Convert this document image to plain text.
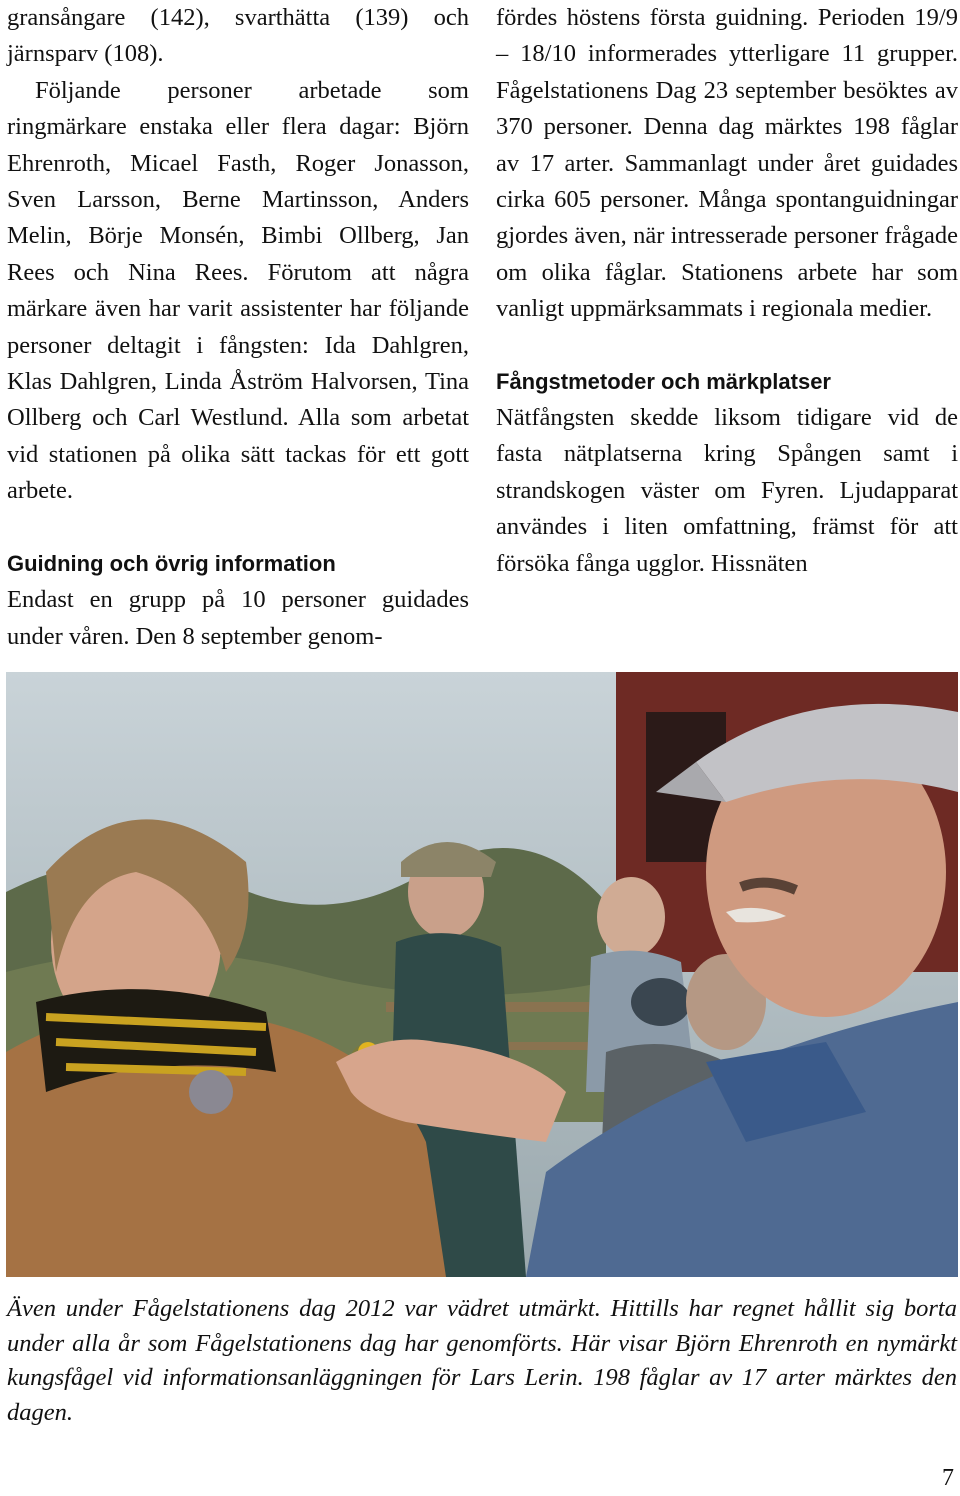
gransångare (142), svarthätta (139) och järnsparv (108).

Följande personer arbetade som ringmärkare enstaka eller flera dagar: Björn Ehrenroth, Micael Fasth, Roger Jonasson, Sven Larsson, Berne Martinsson, Anders Melin, Börje Monsén, Bimbi Ollberg, Jan Rees och Nina Rees. Förutom att några märkare även har varit assistenter har följande personer deltagit i fångsten: Ida Dahlgren, Klas Dahlgren, Linda Åström Halvorsen, Tina Ollberg och Carl Westlund. Alla som arbetat vid stationen på olika sätt tackas för ett gott arbete.

Guidning och övrig information

Endast en grupp på 10 personer guidades under våren. Den 8 september genom-

fördes höstens första guidning. Perioden 19/9 – 18/10 informerades ytterligare 11 grupper. Fågelstationens Dag 23 september besöktes av 370 personer. Denna dag märktes 198 fåglar av 17 arter. Sammanlagt under året guidades cirka 605 personer. Många spontanguidningar gjordes även, när intresserade personer frågade om olika fåglar. Stationens arbete har som vanligt uppmärksammats i regionala medier.

Fångstmetoder och märkplatser

Nätfångsten skedde liksom tidigare vid de fasta nätplatserna kring Spången samt i strandskogen väster om Fyren. Ljudapparat användes i liten omfattning, främst för att försöka fånga ugglor. Hissnäten

Även under Fågelstationens dag 2012 var vädret utmärkt. Hittills har regnet hållit sig borta under alla år som Fågelstationens dag har genomförts. Här visar Björn Ehrenroth en nymärkt kungsfågel vid informationsanläggningen för Lars Lerin. 198 fåglar av 17 arter märktes den dagen.

7
